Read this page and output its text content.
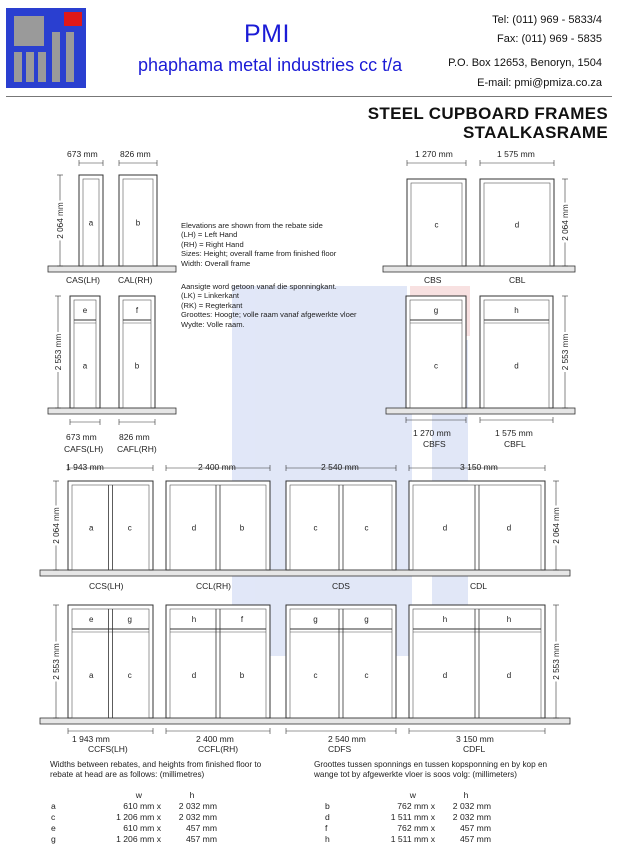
PMI
phaphama metal industries cc t/a
Tel: (011) 969 - 5833/4
Fax: (011) 969 - 5835
P.O. Box 12653, Benoryn, 1504
E-mail: pmi@pmiza.co.za
STEEL CUPBOARD FRAMES
STAALKASRAME
a	b
2 064 mm	c	d	2 064 mm
e
a
f
b
2 553 mm
g
c
h
d	2 553 mm
a	c	d	b	c	c	d	d
2 064 mm	2 064 mm
e	g
a	c
h	f
d	b
g	g
c	c
h	h
d	d
2 553 mm	2 553 mm
Elevations are shown from the rebate side
(LH) = Left Hand
(RH) = Right Hand
Sizes: Height; overall frame from finished floor
Width: Overall frame
Aansigte word getoon vanaf die sponningkant.
(LK) = Linkerkant
(RK) = Regterkant
Groottes: Hoogte; volle raam vanaf afgewerkte vloer
Wydte: Volle raam.
673 mm	826 mm	1 270 mm	1 575 mm
CAS(LH) CAL(RH)	CBS	CBL
673 mm	826 mm	1 270 mm	1 575 mm
CAFS(LH) CAFL(RH)	CBFS	CBFL
1 943 mm	2 400 mm	2 540 mm	3 150 mm
CCS(LH)	CCL(RH)	CDS	CDL
1 943 mm	2 400 mm	2 540 mm	3 150 mm
CCFS(LH)	CCFL(RH)	CDFS	CDFL
Widths between rebates, and heights from finished floor to
rebate at head are as follows: (millimetres)
Groottes tussen sponnings en tussen kopsponning en by kop en
wange tot by afgewerkte vloer is soos volg: (millimeters)
	w	h
a	610 mm x	2 032 mm
c	1 206 mm x	2 032 mm
e	610 mm x	457 mm
g	1 206 mm x	457 mm
	w	h
b	762 mm x	2 032 mm
d	1 511 mm x	2 032 mm
f	762 mm x	457 mm
h	1 511 mm x	457 mm
